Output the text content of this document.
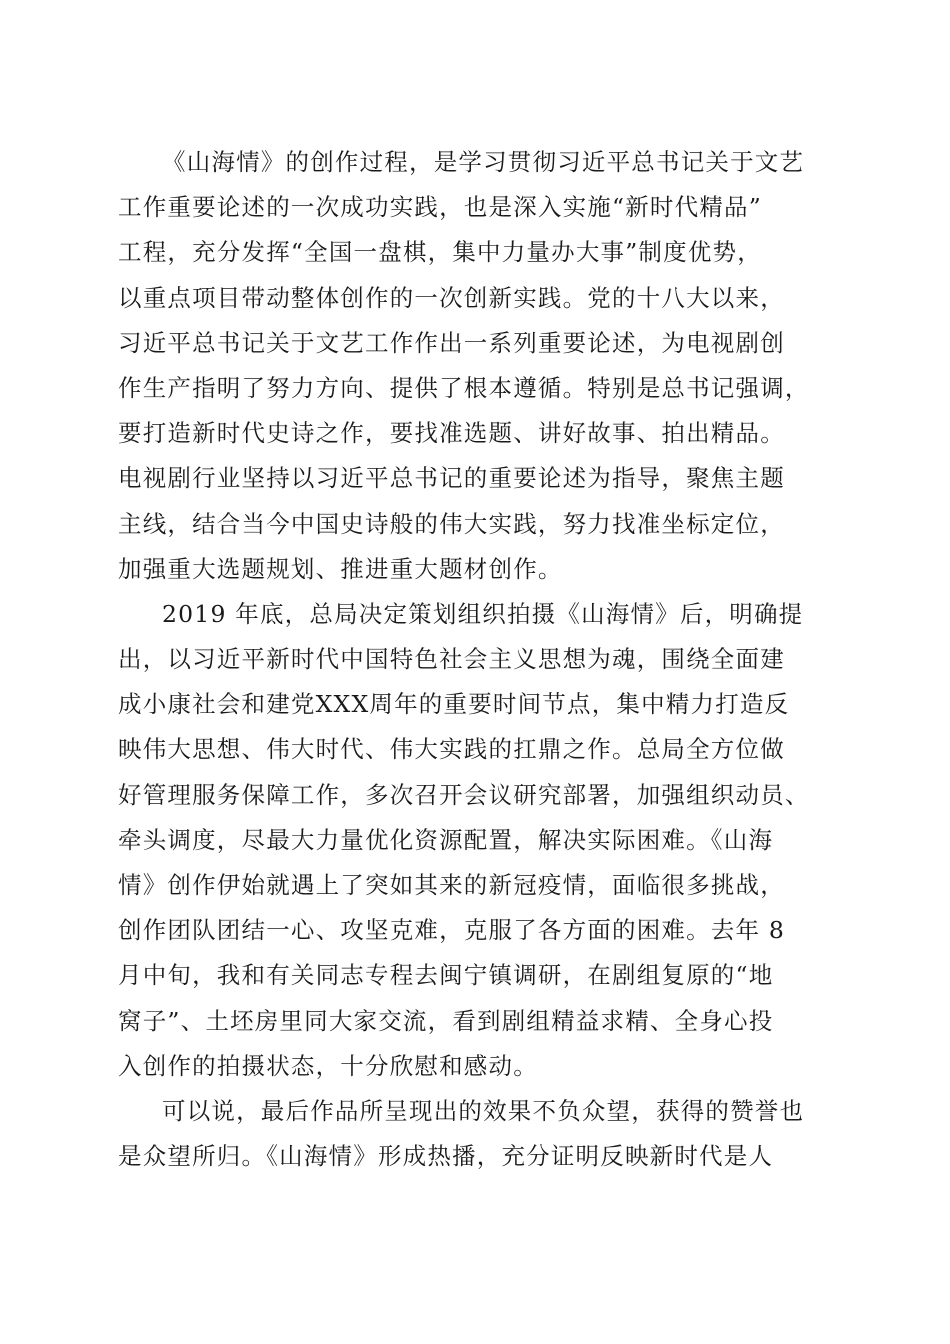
《山海情》的创作过程，是学习贯彻习近平总书记关于文艺
工作重要论述的一次成功实践，也是深入实施“新时代精品”
工程，充分发挥“全国一盘棋，集中力量办大事”制度优势，
以重点项目带动整体创作的一次创新实践。党的十八大以来，
习近平总书记关于文艺工作作出一系列重要论述，为电视剧创
作生产指明了努力方向、提供了根本遵循。特别是总书记强调，
要打造新时代史诗之作，要找准选题、讲好故事、拍出精品。
电视剧行业坚持以习近平总书记的重要论述为指导，聚焦主题
主线，结合当今中国史诗般的伟大实践，努力找准坐标定位，
加强重大选题规划、推进重大题材创作。
2019 年底，总局决定策划组织拍摄《山海情》后，明确提
出，以习近平新时代中国特色社会主义思想为魂，围绕全面建
成小康社会和建党XXX周年的重要时间节点，集中精力打造反
映伟大思想、伟大时代、伟大实践的扛鼎之作。总局全方位做
好管理服务保障工作，多次召开会议研究部署，加强组织动员、
牵头调度，尽最大力量优化资源配置，解决实际困难。《山海
情》创作伊始就遇上了突如其来的新冠疫情，面临很多挑战，
创作团队团结一心、攻坚克难，克服了各方面的困难。去年 8
月中旬，我和有关同志专程去闽宁镇调研，在剧组复原的“地
窝子”、土坯房里同大家交流，看到剧组精益求精、全身心投
入创作的拍摄状态，十分欣慰和感动。
可以说，最后作品所呈现出的效果不负众望，获得的赞誉也
是众望所归。《山海情》形成热播，充分证明反映新时代是人
